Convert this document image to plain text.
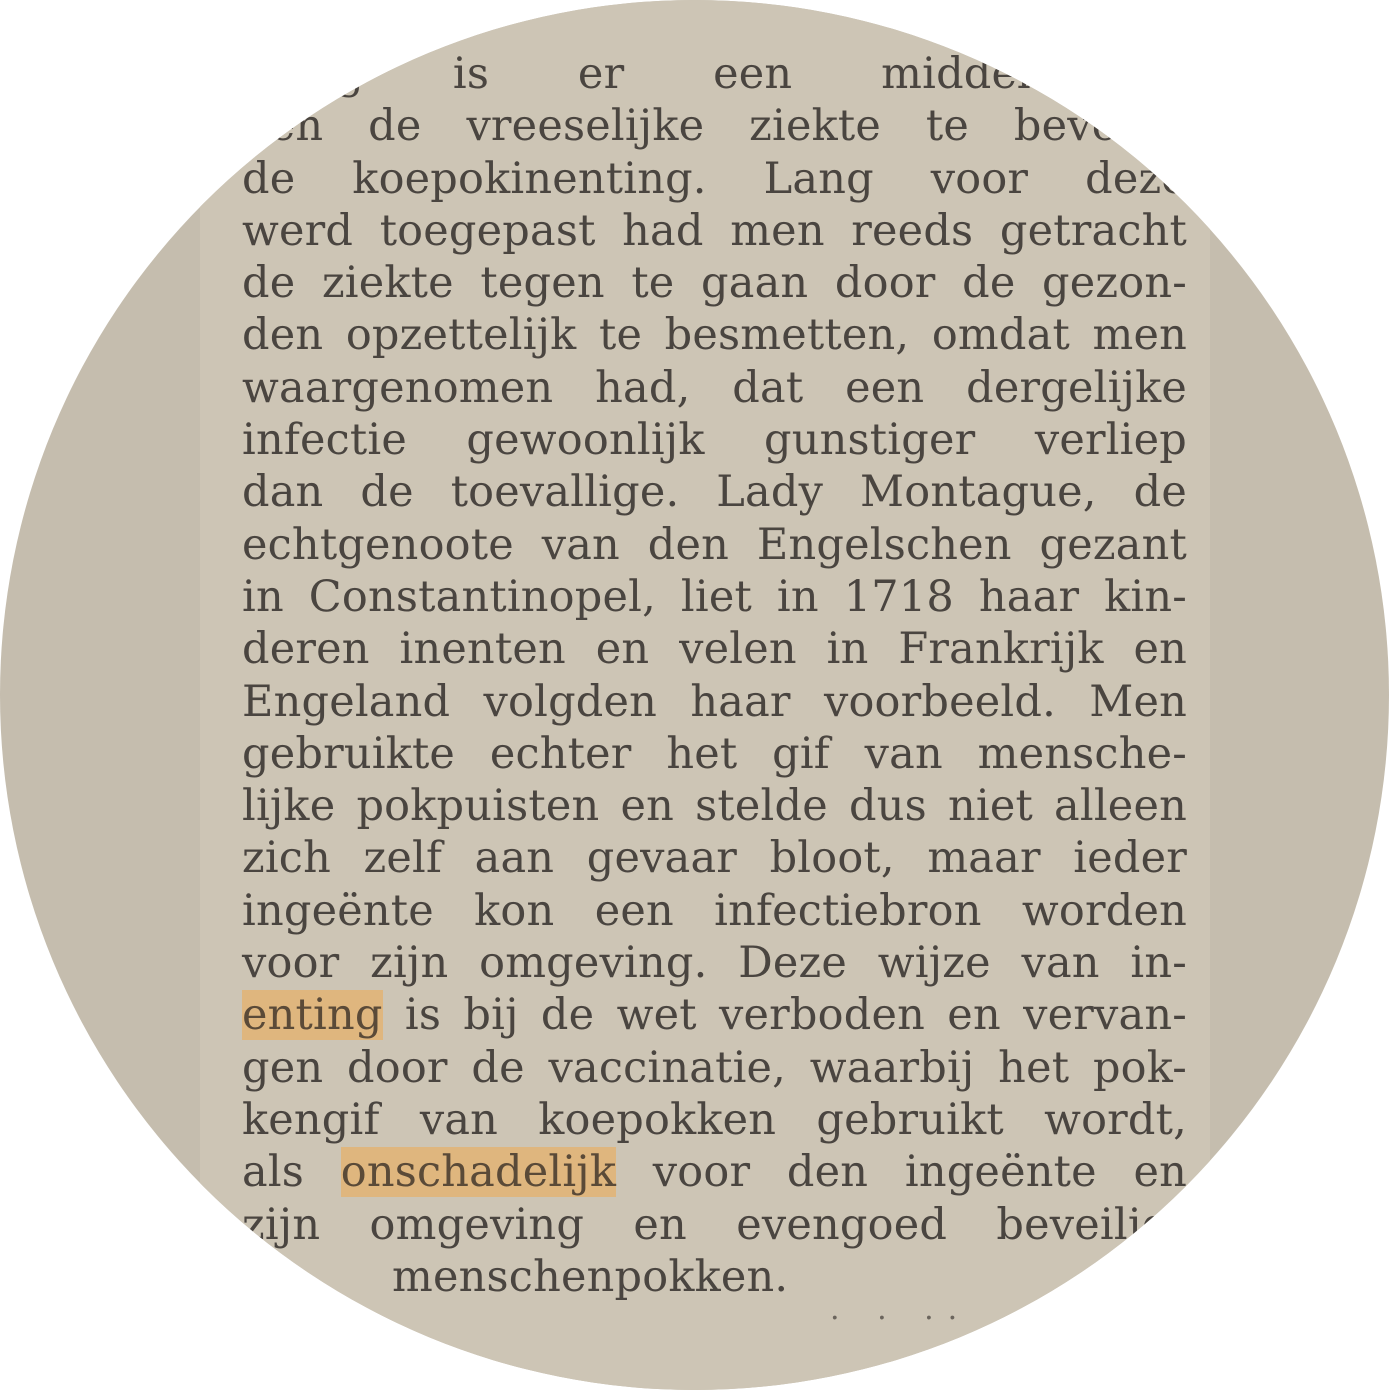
ukkig is er een middel om
gen de vreeselijke ziekte te beveilig
de koepokinenting. Lang voor deze
werd toegepast had men reeds getracht
de ziekte tegen te gaan door de gezon-
den opzettelijk te besmetten, omdat men
waargenomen had, dat een dergelijke
infectie gewoonlijk gunstiger verliep
dan de toevallige. Lady Montague, de
echtgenoote van den Engelschen gezant
in Constantinopel, liet in 1718 haar kin-
deren inenten en velen in Frankrijk en
Engeland volgden haar voorbeeld. Men
gebruikte echter het gif van mensche-
lijke pokpuisten en stelde dus niet alleen
zich zelf aan gevaar bloot, maar ieder
ingeënte kon een infectiebron worden
voor zijn omgeving. Deze wijze van in-
enting is bij de wet verboden en vervan-
gen door de vaccinatie, waarbij het pok-
kengif van koepokken gebruikt wordt,
als onschadelijk voor den ingeënte en
zijn omgeving en evengoed beveiligt
menschenpokken.
. . ..
